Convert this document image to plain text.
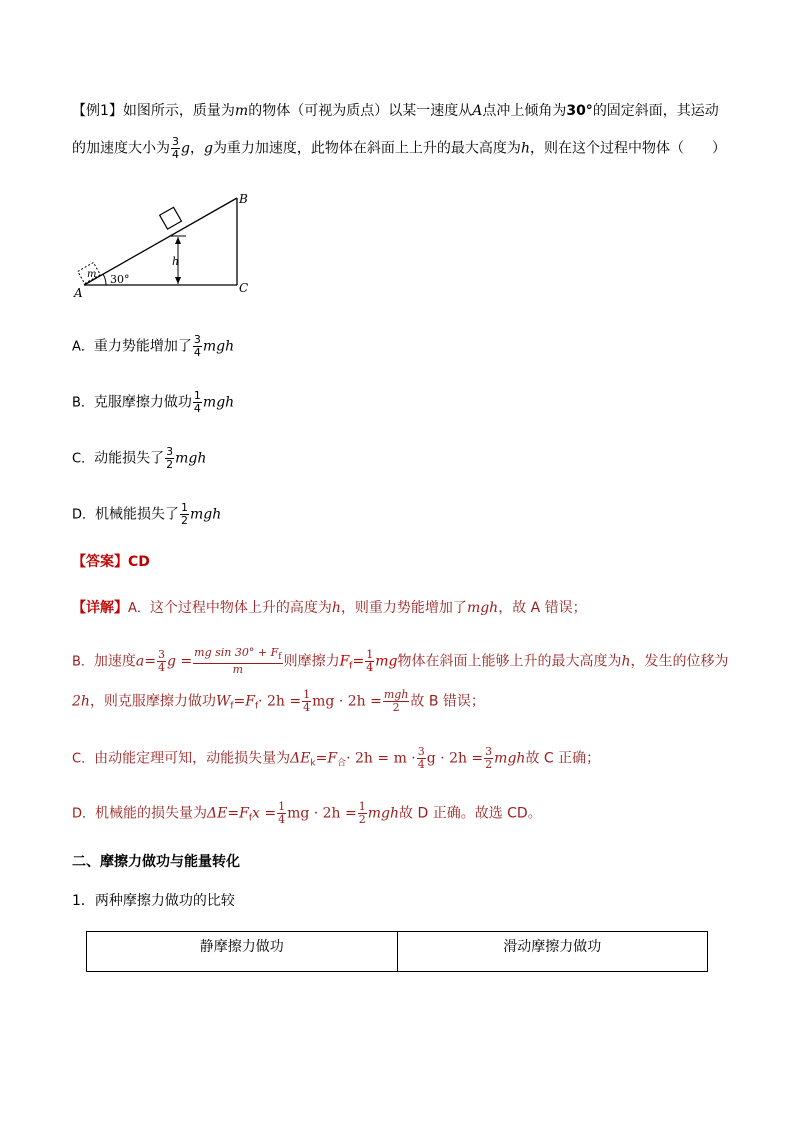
【例1】如图所示，质量为m的物体（可视为质点）以某一速度从A点冲上倾角为30°的固定斜面，其运动
的加速度大小为 $\frac{3}{4}$ g，g为重力加速度，此物体在斜面上上升的最大高度为h，则在这个过程中物体（　　）
m
h
30°
A
B
C
A．重力势能增加了 $\frac{3}{4}$ mgh
B．克服摩擦力做功 $\frac{1}{4}$ mgh
C．动能损失了 $\frac{3}{2}$ mgh
D．机械能损失了 $\frac{1}{2}$ mgh
【答案】CD
【详解】A．这个过程中物体上升的高度为h，则重力势能增加了mgh，故 A 错误；
B．加速度$a= \frac{3}{4}$ $g = \frac{mg \sin 30^\circ + F_f}{m}$ 则摩擦力$F_f= \frac{1}{4}$ mg物体在斜面上能够上升的最大高度为h，发生的位移为
2h，则克服摩擦力做功$W_f=F_f\cdot 2h = \frac{1}{4}$ mg · $2h = \frac{\text{mgh}}{2}$ 故 B 错误；
C．由动能定理可知，动能损失量为$\Delta E_k=F_合\cdot 2h = m \cdot \frac{3}{4}$ $g \cdot 2h = \frac{3}{2}$ mgh故 C 正确；
D．机械能的损失量为$\Delta E=F_fx = \frac{1}{4}$ mg · $2h = \frac{1}{2}$ mgh故 D 正确。故选 CD。
二、摩擦力做功与能量转化
1．两种摩擦力做功的比较
静摩擦力做功	滑动摩擦力做功
